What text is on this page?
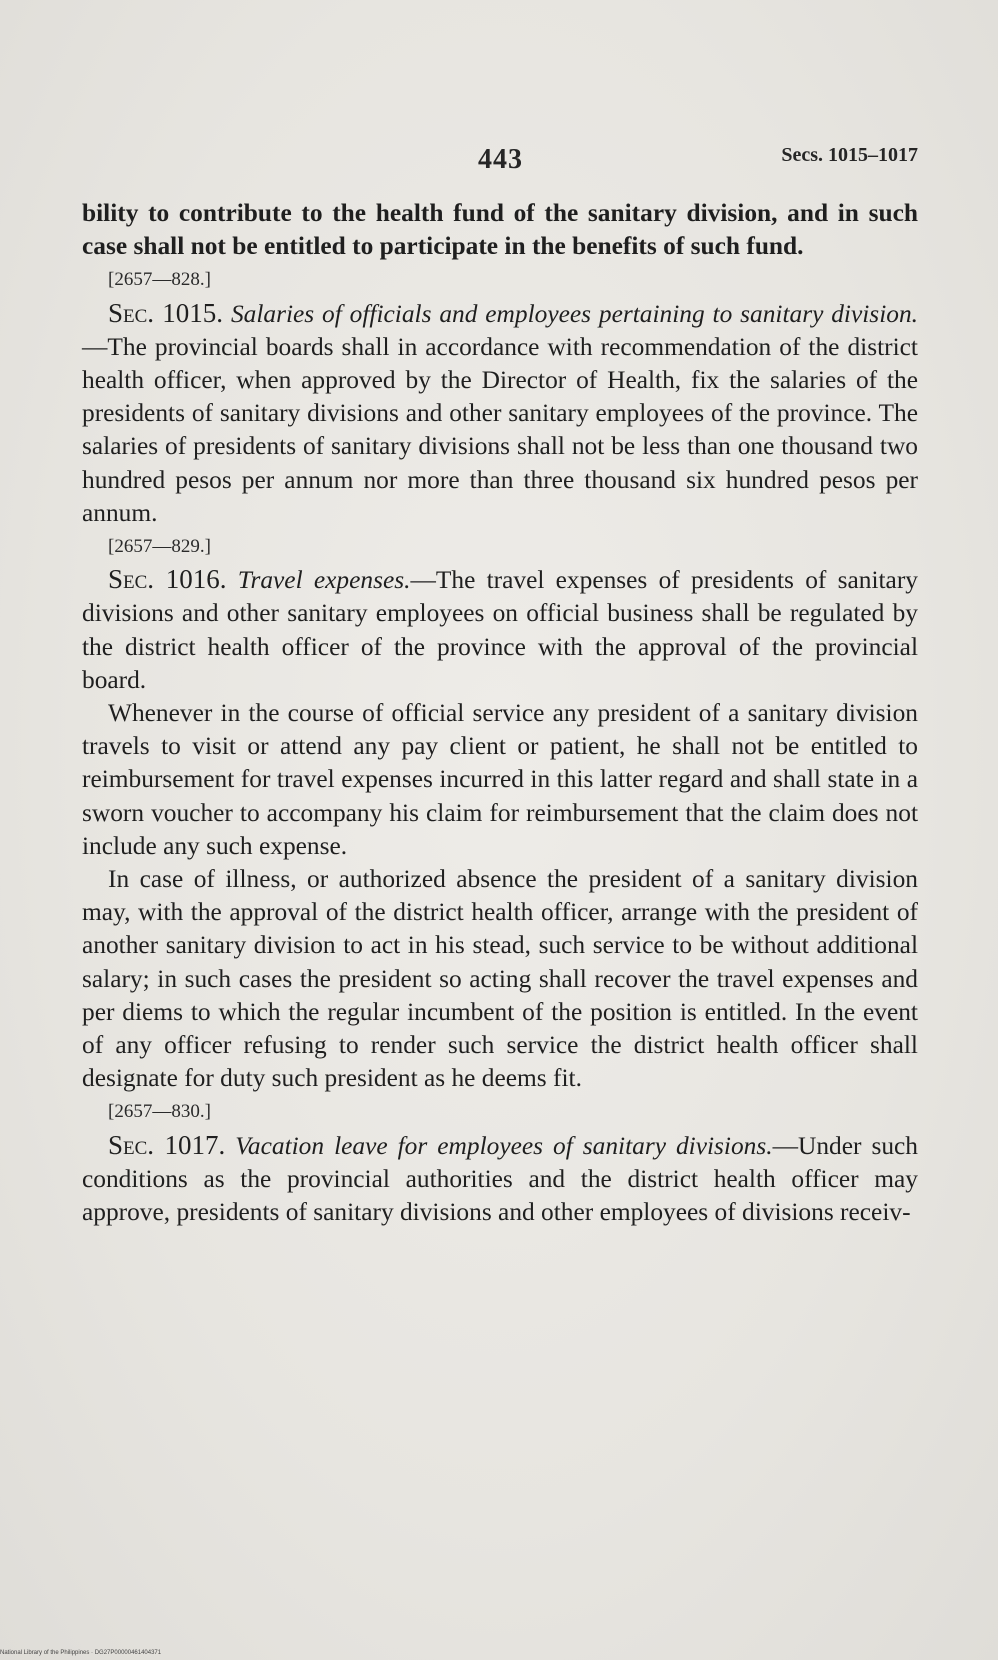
443	Secs. 1015–1017

bility to contribute to the health fund of the sanitary division, and in such case shall not be entitled to participate in the benefits of such fund.

[2657—828.]

Sec. 1015. Salaries of officials and employees pertaining to sanitary division.—The provincial boards shall in accordance with recommendation of the district health officer, when approved by the Director of Health, fix the salaries of the presidents of sanitary divisions and other sanitary employees of the province. The salaries of presidents of sanitary divisions shall not be less than one thousand two hundred pesos per annum nor more than three thousand six hundred pesos per annum.

[2657—829.]

Sec. 1016. Travel expenses.—The travel expenses of presidents of sanitary divisions and other sanitary employees on official business shall be regulated by the district health officer of the province with the approval of the provincial board.

Whenever in the course of official service any president of a sanitary division travels to visit or attend any pay client or patient, he shall not be entitled to reimbursement for travel expenses incurred in this latter regard and shall state in a sworn voucher to accompany his claim for reimbursement that the claim does not include any such expense.

In case of illness, or authorized absence the president of a sanitary division may, with the approval of the district health officer, arrange with the president of another sanitary division to act in his stead, such service to be without additional salary; in such cases the president so acting shall recover the travel expenses and per diems to which the regular incumbent of the position is entitled. In the event of any officer refusing to render such service the district health officer shall designate for duty such president as he deems fit.

[2657—830.]

Sec. 1017. Vacation leave for employees of sanitary divisions.—Under such conditions as the provincial authorities and the district health officer may approve, presidents of sanitary divisions and other employees of divisions receiv-

National Library of the Philippines · DG27P00000461404371
